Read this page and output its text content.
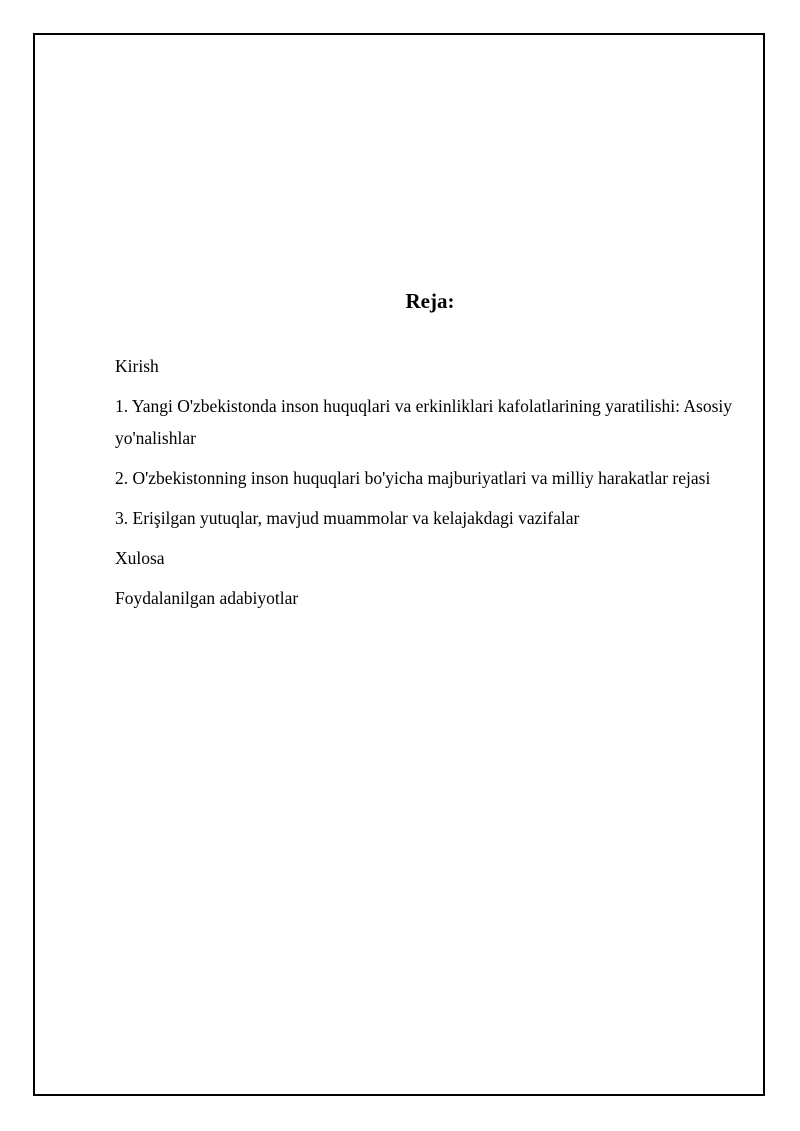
Reja:

Kirish

1. Yangi O'zbekistonda inson huquqlari va erkinliklari kafolatlarining yaratilishi: Asosiy yo'nalishlar

2. O'zbekistonning inson huquqlari bo'yicha majburiyatlari va milliy harakatlar rejasi

3. Erişilgan yutuqlar, mavjud muammolar va kelajakdagi vazifalar

Xulosa

Foydalanilgan adabiyotlar
